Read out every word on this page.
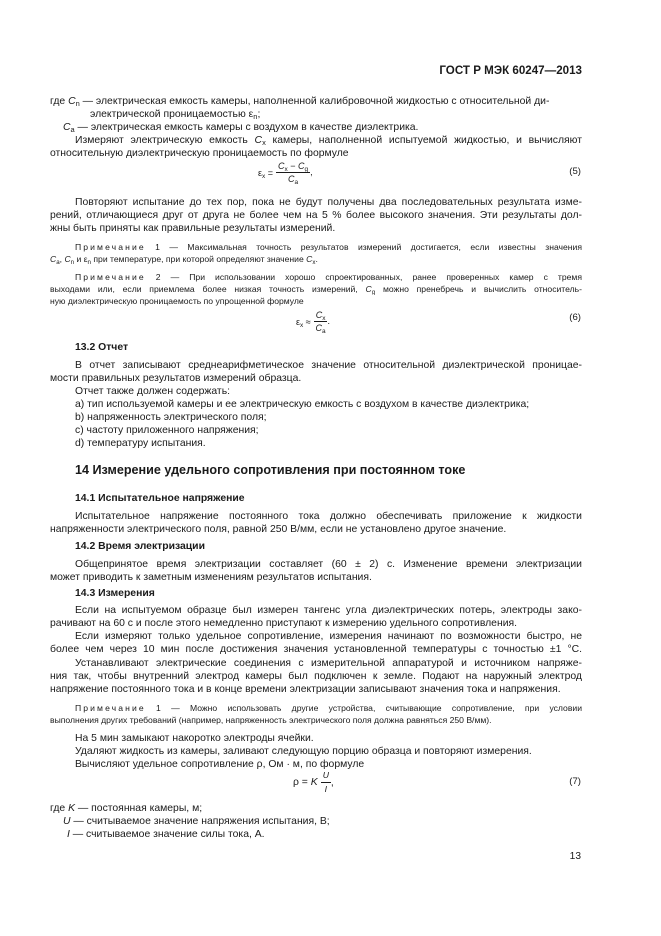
ГОСТ Р МЭК 60247—2013
где $C_n$ — электрическая емкость камеры, наполненной калибровочной жидкостью с относительной ди-
электрической проницаемостью $\varepsilon_n$;
$C_a$ — электрическая емкость камеры с воздухом в качестве диэлектрика.
Измеряют электрическую емкость $C_x$ камеры, наполненной испытуемой жидкостью, и вычисляют
относительную диэлектрическую проницаемость по формуле
$\varepsilon_x = \frac{C_x - C_g}{C_a}$ ,	(5)
Повторяют испытание до тех пор, пока не будут получены два последовательных результата изме-
рений, отличающиеся друг от друга не более чем на 5 % более высокого значения. Эти результаты дол-
жны быть приняты как правильные результаты измерений.
Примечание 1 — Максимальная точность результатов измерений достигается, если известны значения
$C_a$, $C_n$ и $\varepsilon_n$ при температуре, при которой определяют значение $C_x$.
Примечание 2 — При использовании хорошо спроектированных, ранее проверенных камер с тремя
выходами или, если приемлема более низкая точность измерений, $C_g$ можно пренебречь и вычислить относитель-
ную диэлектрическую проницаемость по упрощенной формуле
$\varepsilon_x \approx \frac{C_x}{C_a}$ .	(6)
13.2 Отчет
В отчет записывают среднеарифметическое значение относительной диэлектрической проницае-
мости правильных результатов измерений образца.
Отчет также должен содержать:
a) тип используемой камеры и ее электрическую емкость с воздухом в качестве диэлектрика;
b) напряженность электрического поля;
c) частоту приложенного напряжения;
d) температуру испытания.
14 Измерение удельного сопротивления при постоянном токе
14.1 Испытательное напряжение
Испытательное напряжение постоянного тока должно обеспечивать приложение к жидкости
напряженности электрического поля, равной 250 В/мм, если не установлено другое значение.
14.2 Время электризации
Общепринятое время электризации составляет (60 ± 2) с. Изменение времени электризации
может приводить к заметным изменениям результатов испытания.
14.3 Измерения
Если на испытуемом образце был измерен тангенс угла диэлектрических потерь, электроды зако-
рачивают на 60 с и после этого немедленно приступают к измерению удельного сопротивления.
Если измеряют только удельное сопротивление, измерения начинают по возможности быстро, не
более чем через 10 мин после достижения значения установленной температуры с точностью ±1 °С.
Устанавливают электрические соединения с измерительной аппаратурой и источником напряже-
ния так, чтобы внутренний электрод камеры был подключен к земле. Подают на наружный электрод
напряжение постоянного тока и в конце времени электризации записывают значения тока и напряжения.
Примечание 1 — Можно использовать другие устройства, считывающие сопротивление, при условии
выполнения других требований (например, напряженность электрического поля должна равняться 250 В/мм).
На 5 мин замыкают накоротко электроды ячейки.
Удаляют жидкость из камеры, заливают следующую порцию образца и повторяют измерения.
Вычисляют удельное сопротивление ρ, Ом · м, по формуле
ρ = K $\frac{U}{I}$ ,	(7)
где K — постоянная камеры, м;
U — считываемое значение напряжения испытания, В;
I — считываемое значение силы тока, А.
13
